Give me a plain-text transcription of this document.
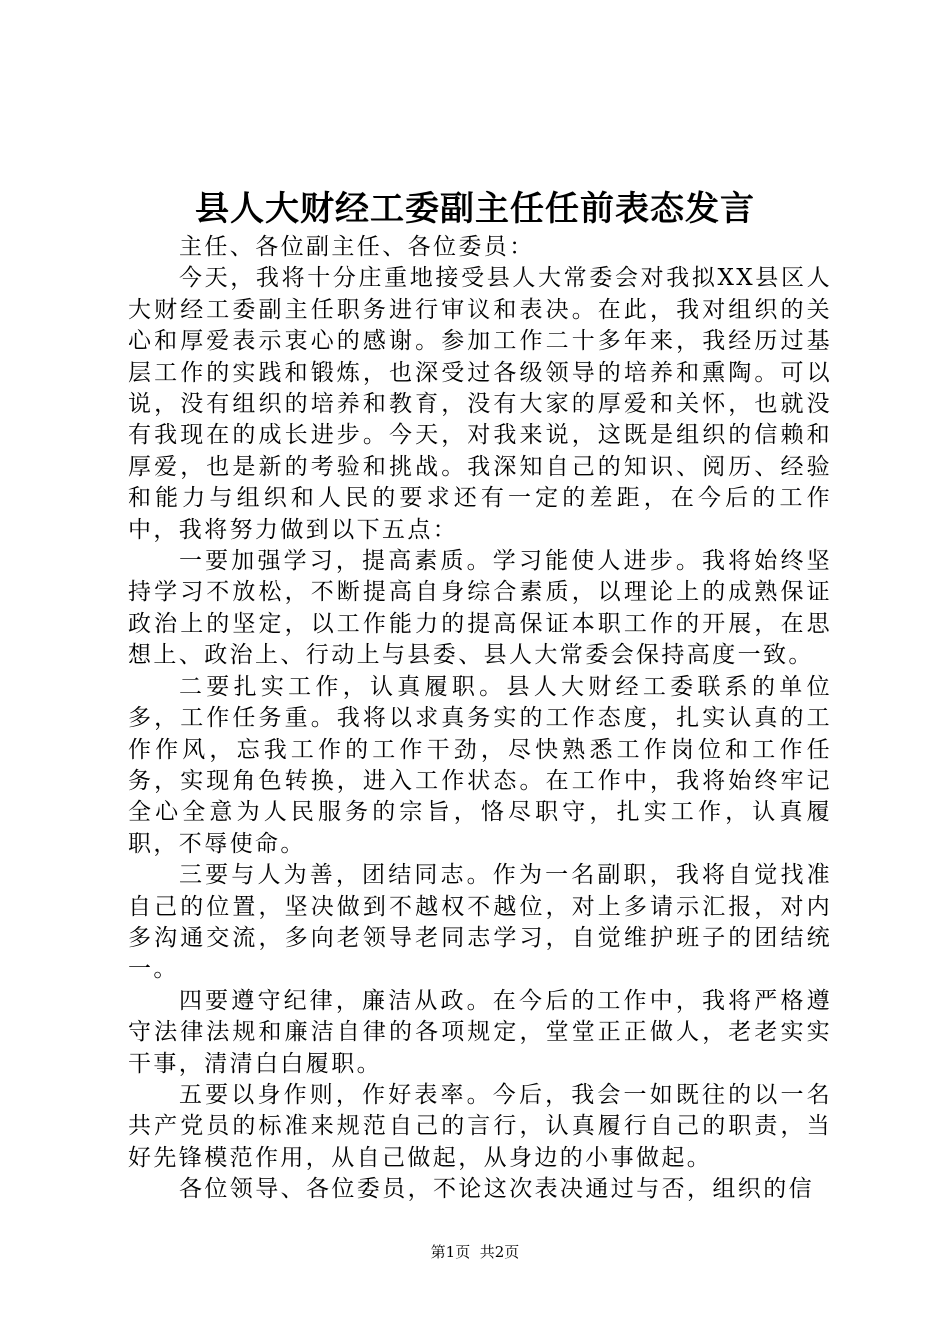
县人大财经工委副主任任前表态发言

主任、各位副主任、各位委员：

今天，我将十分庄重地接受县人大常委会对我拟XX县区人大财经工委副主任职务进行审议和表决。在此，我对组织的关心和厚爱表示衷心的感谢。参加工作二十多年来，我经历过基层工作的实践和锻炼，也深受过各级领导的培养和熏陶。可以说，没有组织的培养和教育，没有大家的厚爱和关怀，也就没有我现在的成长进步。今天，对我来说，这既是组织的信赖和厚爱，也是新的考验和挑战。我深知自己的知识、阅历、经验和能力与组织和人民的要求还有一定的差距，在今后的工作中，我将努力做到以下五点：

一要加强学习，提高素质。学习能使人进步。我将始终坚持学习不放松，不断提高自身综合素质，以理论上的成熟保证政治上的坚定，以工作能力的提高保证本职工作的开展，在思想上、政治上、行动上与县委、县人大常委会保持高度一致。

二要扎实工作，认真履职。县人大财经工委联系的单位多，工作任务重。我将以求真务实的工作态度，扎实认真的工作作风，忘我工作的工作干劲，尽快熟悉工作岗位和工作任务，实现角色转换，进入工作状态。在工作中，我将始终牢记全心全意为人民服务的宗旨，恪尽职守，扎实工作，认真履职，不辱使命。

三要与人为善，团结同志。作为一名副职，我将自觉找准自己的位置，坚决做到不越权不越位，对上多请示汇报，对内多沟通交流，多向老领导老同志学习，自觉维护班子的团结统一。

四要遵守纪律，廉洁从政。在今后的工作中，我将严格遵守法律法规和廉洁自律的各项规定，堂堂正正做人，老老实实干事，清清白白履职。

五要以身作则，作好表率。今后，我会一如既往的以一名共产党员的标准来规范自己的言行，认真履行自己的职责，当好先锋模范作用，从自己做起，从身边的小事做起。

各位领导、各位委员，不论这次表决通过与否，组织的信

第1页 共2页
